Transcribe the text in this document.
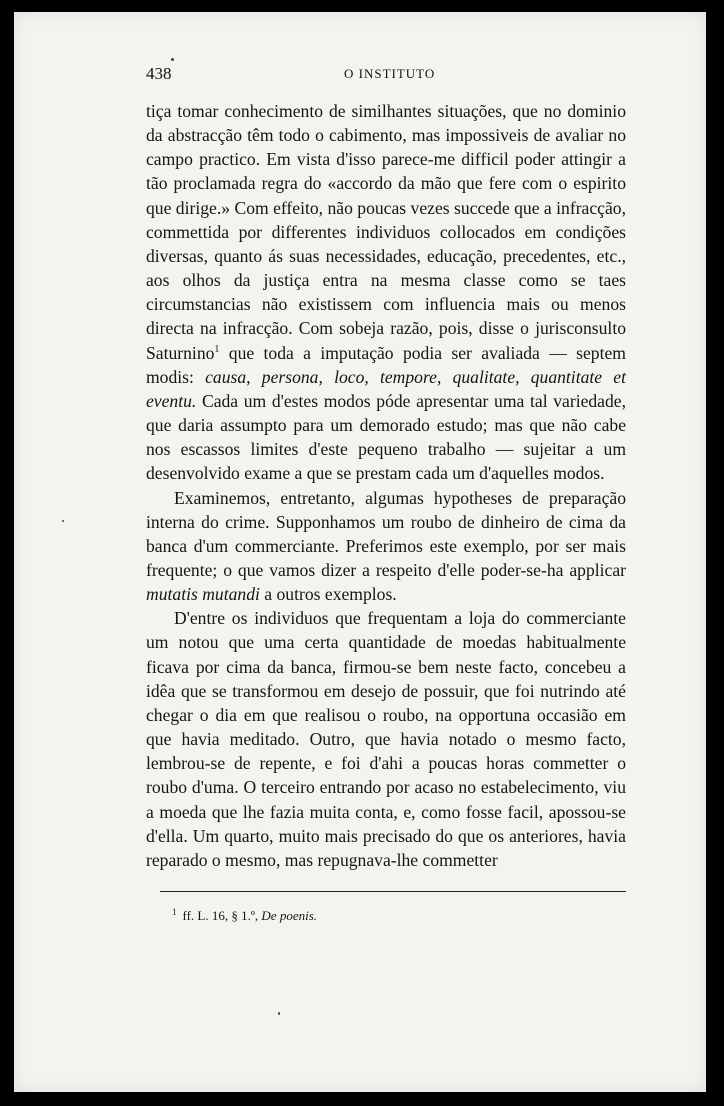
438	O INSTITUTO

tiça tomar conhecimento de similhantes situações, que no dominio da abstracção têm todo o cabimento, mas impossiveis de avaliar no campo practico. Em vista d'isso parece-me difficil poder attingir a tão proclamada regra do «accordo da mão que fere com o espirito que dirige.» Com effeito, não poucas vezes succede que a infracção, commettida por differentes individuos collocados em condições diversas, quanto ás suas necessidades, educação, precedentes, etc., aos olhos da justiça entra na mesma classe como se taes circumstancias não existissem com influencia mais ou menos directa na infracção. Com sobeja razão, pois, disse o jurisconsulto Saturnino$^1$ que toda a imputação podia ser avaliada — septem modis: causa, persona, loco, tempore, qualitate, quantitate et eventu. Cada um d'estes modos póde apresentar uma tal variedade, que daria assumpto para um demorado estudo; mas que não cabe nos escassos limites d'este pequeno trabalho — sujeitar a um desenvolvido exame a que se prestam cada um d'aquelles modos.

Examinemos, entretanto, algumas hypotheses de preparação interna do crime. Supponhamos um roubo de dinheiro de cima da banca d'um commerciante. Preferimos este exemplo, por ser mais frequente; o que vamos dizer a respeito d'elle poder-se-ha applicar mutatis mutandi a outros exemplos.

D'entre os individuos que frequentam a loja do commerciante um notou que uma certa quantidade de moedas habitualmente ficava por cima da banca, firmou-se bem neste facto, concebeu a idêa que se transformou em desejo de possuir, que foi nutrindo até chegar o dia em que realisou o roubo, na opportuna occasião em que havia meditado. Outro, que havia notado o mesmo facto, lembrou-se de repente, e foi d'ahi a poucas horas commetter o roubo d'uma. O terceiro entrando por acaso no estabelecimento, viu a moeda que lhe fazia muita conta, e, como fosse facil, apossou-se d'ella. Um quarto, muito mais precisado do que os anteriores, havia reparado o mesmo, mas repugnava-lhe commetter

$^1$ ff. L. 16, § 1.º, De poenis.
